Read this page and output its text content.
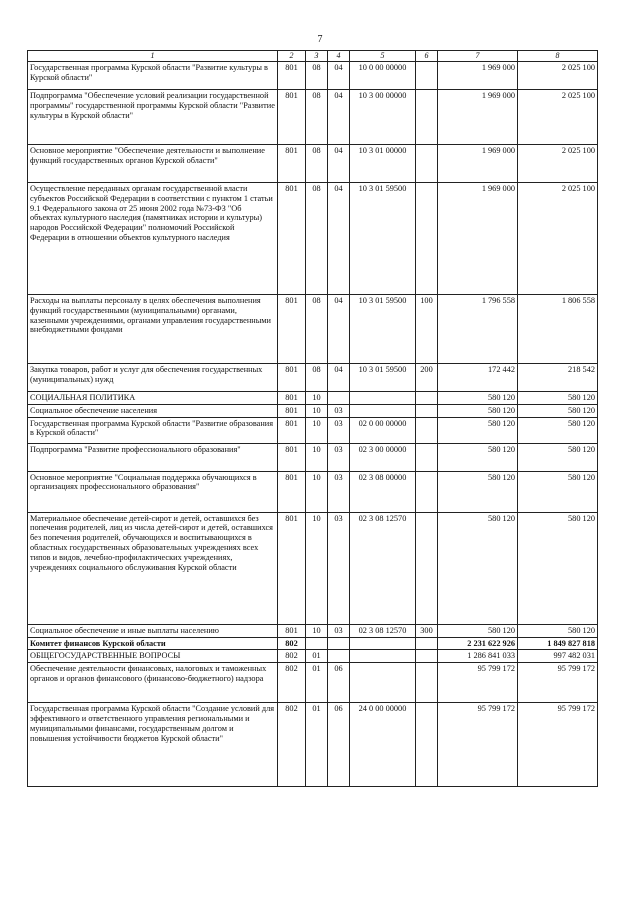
7
1	2	3	4	5	6	7	8
Государственная программа Курской области "Развитие культуры в Курской области"	801	08	04	10 0 00 00000		1 969 000	2 025 100
Подпрограмма "Обеспечение условий реализации государственной программы" государственной программы Курской области "Развитие культуры в Курской области"	801	08	04	10 3 00 00000		1 969 000	2 025 100
Основное мероприятие "Обеспечение деятельности и выполнение функций государственных органов Курской области"	801	08	04	10 3 01 00000		1 969 000	2 025 100
Осуществление переданных органам государственной власти субъектов Российской Федерации в соответствии с пунктом 1 статьи 9.1 Федерального закона от 25 июня 2002 года №73-ФЗ "Об объектах культурного наследия (памятниках истории и культуры) народов Российской Федерации" полномочий Российской Федерации в отношении объектов культурного наследия	801	08	04	10 3 01 59500		1 969 000	2 025 100
Расходы на выплаты персоналу в целях обеспечения выполнения функций государственными (муниципальными) органами, казенными учреждениями, органами управления государственными внебюджетными фондами	801	08	04	10 3 01 59500	100	1 796 558	1 806 558
Закупка товаров, работ и услуг для обеспечения государственных (муниципальных) нужд	801	08	04	10 3 01 59500	200	172 442	218 542
СОЦИАЛЬНАЯ ПОЛИТИКА	801	10				580 120	580 120
Социальное обеспечение населения	801	10	03			580 120	580 120
Государственная программа Курской области "Развитие образования в Курской области"	801	10	03	02 0 00 00000		580 120	580 120
Подпрограмма "Развитие профессионального образования"	801	10	03	02 3 00 00000		580 120	580 120
Основное мероприятие "Социальная поддержка обучающихся в организациях профессионального образования"	801	10	03	02 3 08 00000		580 120	580 120
Материальное обеспечение детей-сирот и детей, оставшихся без попечения родителей, лиц из числа детей-сирот и детей, оставшихся без попечения родителей, обучающихся и воспитывающихся в областных государственных образовательных учреждениях всех типов и видов, лечебно-профилактических учреждениях, учреждениях социального обслуживания Курской области	801	10	03	02 3 08 12570		580 120	580 120
Социальное обеспечение и иные выплаты населению	801	10	03	02 3 08 12570	300	580 120	580 120
Комитет финансов Курской области	802					2 231 622 926	1 849 827 818
ОБЩЕГОСУДАРСТВЕННЫЕ ВОПРОСЫ	802	01				1 286 841 033	997 482 031
Обеспечение деятельности финансовых, налоговых и таможенных органов и органов финансового (финансово-бюджетного) надзора	802	01	06			95 799 172	95 799 172
Государственная программа Курской области "Создание условий для эффективного и ответственного управления региональными и муниципальными финансами, государственным долгом и повышения устойчивости бюджетов Курской области"	802	01	06	24 0 00 00000		95 799 172	95 799 172
